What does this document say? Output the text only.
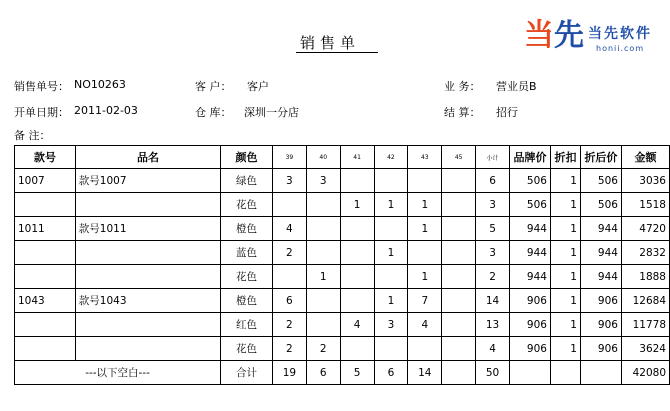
销售单	当先 当先软件
honii.com
销售单号： NO10263	客 户： 客户	业 务： 营业员B
开单日期： 2011-02-03	仓 库： 深圳一分店	结 算： 招行
备 注：
款号	品名	颜色	39	40	41	42	43	45	小计	品牌价	折扣	折后价	金额
1007	款号1007	绿色	3	3					6	506	1	506	3036
		花色			1	1	1		3	506	1	506	1518
1011	款号1011	橙色	4				1		5	944	1	944	4720
		蓝色	2			1			3	944	1	944	2832
		花色		1			1		2	944	1	944	1888
1043	款号1043	橙色	6			1	7		14	906	1	906	12684
		红色	2		4	3	4		13	906	1	906	11778
		花色	2	2					4	906	1	906	3624
---以下空白---		合计	19	6	5	6	14		50				42080
